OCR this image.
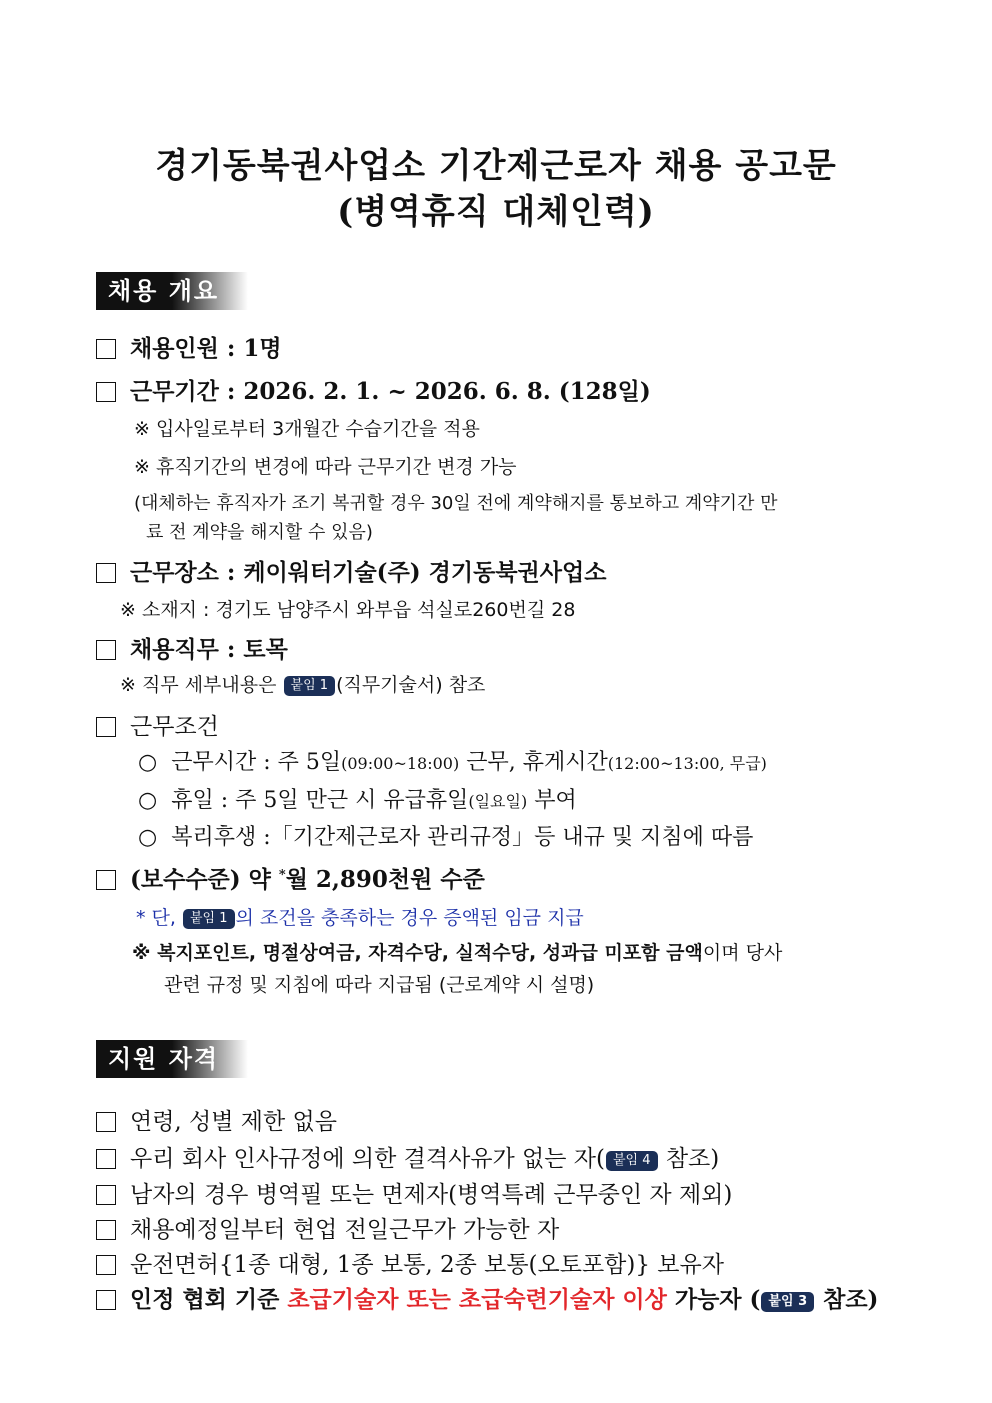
경기동북권사업소 기간제근로자 채용 공고문
(병역휴직 대체인력)
채용 개요
채용인원 : 1명
근무기간 : 2026. 2. 1. ~ 2026. 6. 8. (128일)
※ 입사일로부터 3개월간 수습기간을 적용
※ 휴직기간의 변경에 따라 근무기간 변경 가능
(대체하는 휴직자가 조기 복귀할 경우 30일 전에 계약해지를 통보하고 계약기간 만
료 전 계약을 해지할 수 있음)
근무장소 : 케이워터기술(주) 경기동북권사업소
※ 소재지 : 경기도 남양주시 와부읍 석실로260번길 28
채용직무 : 토목
※ 직무 세부내용은 붙임 1 (직무기술서) 참조
근무조건
○ 근무시간 : 주 5일(09:00~18:00) 근무, 휴게시간(12:00~13:00, 무급)
○ 휴일 : 주 5일 만근 시 유급휴일(일요일) 부여
○ 복리후생 :「기간제근로자 관리규정」등 내규 및 지침에 따름
(보수수준) 약 *월 2,890천원 수준
* 단, 붙임 1 의 조건을 충족하는 경우 증액된 임금 지급
※ 복지포인트, 명절상여금, 자격수당, 실적수당, 성과급 미포함 금액이며 당사
관련 규정 및 지침에 따라 지급됨 (근로계약 시 설명)
지원 자격
연령, 성별 제한 없음
우리 회사 인사규정에 의한 결격사유가 없는 자( 붙임 4 참조)
남자의 경우 병역필 또는 면제자(병역특례 근무중인 자 제외)
채용예정일부터 현업 전일근무가 가능한 자
운전면허{1종 대형, 1종 보통, 2종 보통(오토포함)} 보유자
인정 협회 기준 초급기술자 또는 초급숙련기술자 이상 가능자 ( 붙임 3 참조)
